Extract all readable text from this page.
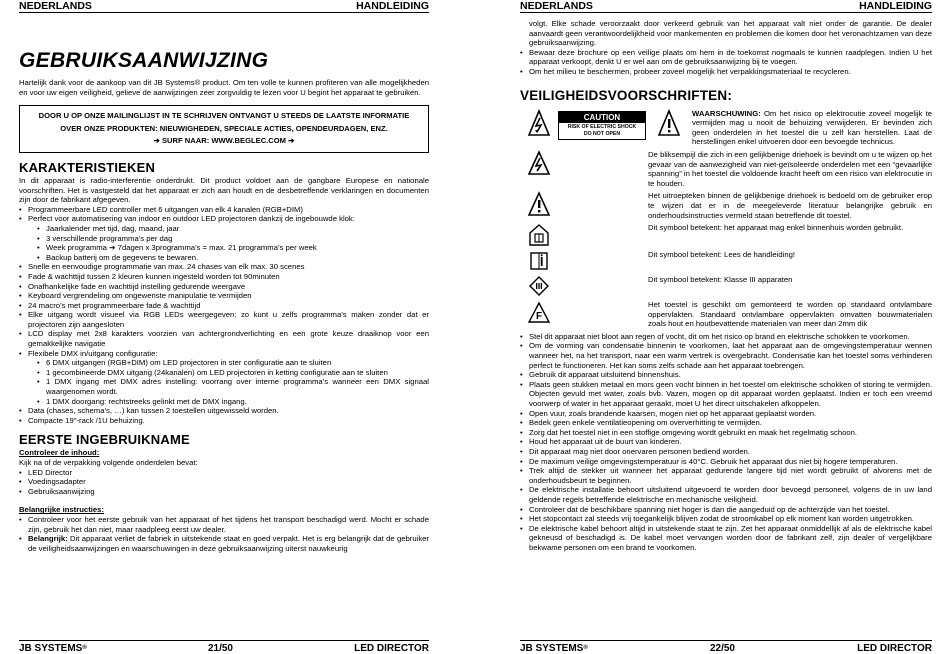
NEDERLANDS	HANDLEIDING
GEBRUIKSAANWIJZING

Hartelijk dank voor de aankoop van dit JB Systems® product. Om ten volle te kunnen profiteren van alle mogelijkheden en voor uw eigen veiligheid, gelieve de aanwijzingen zeer zorgvuldig te lezen voor U begint het apparaat te gebruiken.

DOOR U OP ONZE MAILINGLIJST IN TE SCHRIJVEN ONTVANGT U STEEDS DE LAATSTE INFORMATIE OVER ONZE PRODUKTEN: NIEUWIGHEDEN, SPECIALE ACTIES, OPENDEURDAGEN, ENZ.
➔ SURF NAAR: WWW.BEGLEC.COM ➔
KARAKTERISTIEKEN

In dit apparaat is radio-interferentie onderdrukt. Dit product voldoet aan de gangbare Europese en nationale voorschriften. Het is vastgesteld dat het apparaat er zich aan houdt en de desbetreffende verklaringen en documenten zijn door de fabrikant afgegeven.

• Programmeerbare LED controller met 6 uitgangen van elk 4 kanalen (RGB+DIM)
• Perfect voor automatisering van indoor en outdoor LED projectoren dankzij de ingebouwde klok:
• Jaarkalender met tijd, dag, maand, jaar
• 3 verschillende programma’s per dag
• Week programma ➔ 7dagen x 3programma’s = max. 21 programma’s per week
• Backup batterij om de gegevens te bewaren.
• Snelle en eenvoudige programmatie van max. 24 chases van elk max. 30 scenes
• Fade & wachttijd tussen 2 kleuren kunnen ingesteld worden tot 90minuten
• Onafhankelijke fade en wachttijd instelling gedurende weergave
• Keyboard vergrendeling om ongewenste manipulatie te vermijden
• 24 macro’s met programmeerbare fade & wachttijd
• Elke uitgang wordt visueel via RGB LEDs weergegeven: zo kunt u zelfs programma’s maken zonder dat er projectoren zijn aangesloten
• LCD display met 2x8 karakters voorzien van achtergrondverlichting en een grote keuze draaiknop voor een gemakkelijke navigatie
• Flexibele DMX in/uitgang configuratie:
• 6 DMX uitgangen (RGB+DIM) om LED projectoren in ster configuratie aan te sluiten
• 1 gecombineerde DMX uitgang (24kanalen) om LED projectoren in ketting configuratie aan te sluiten
• 1 DMX ingang met DMX adres instelling: voorrang over interne programma’s wanneer een DMX signaal waargenomen wordt.
• 1 DMX doorgang: rechtstreeks gelinkt met de DMX ingang.
• Data (chases, schema’s, …) kan tussen 2 toestellen uitgewisseld worden.
• Compacte 19"-rack /1U behuizing.
EERSTE INGEBRUIKNAME

Controleer de inhoud:

Kijk na of de verpakking volgende onderdelen bevat:

• LED Director
• Voedingsadapter
• Gebruiksaanwijzing

Belangrijke instructies:

• Controleer voor het eerste gebruik van het apparaat of het tijdens het transport beschadigd werd. Mocht er schade zijn, gebruik het dan niet, maar raadpleeg eerst uw dealer.
• Belangrijk: Dit apparaat verliet de fabriek in uitstekende staat en goed verpakt. Het is erg belangrijk dat de gebruiker de veiligheidsaanwijzingen en waarschuwingen in deze gebruiksaanwijzing uiterst nauwkeurig
JB SYSTEMS®	21/50	LED DIRECTOR
NEDERLANDS	HANDLEIDING

volgt. Elke schade veroorzaakt door verkeerd gebruik van het apparaat valt niet onder de garantie. De dealer aanvaardt geen verantwoordelijkheid voor mankementen en problemen die komen door het veronachtzamen van deze gebruiksaanwijzing.

• Bewaar deze brochure op een veilige plaats om hem in de toekomst nogmaals te kunnen raadplegen. Indien U het apparaat verkoopt, denkt U er wel aan om de gebruiksaanwijzing bij te voegen.
• Om het milieu te beschermen, probeer zoveel mogelijk het verpakkingsmateriaal te recycleren.
VEILIGHEIDSVOORSCHRIFTEN:
CAUTION
RISK OF ELECTRIC SHOCK
DO NOT OPEN
WAARSCHUWING: Om het risico op elektrocutie zoveel mogelijk te vermijden mag u nooit de behuizing verwijderen. Er bevinden zich geen onderdelen in het toestel die u zelf kan herstellen. Laat de herstellingen enkel uitvoeren door een bevoegde technicus.
De bliksempijl die zich in een gelijkbenige driehoek is bevindt om u te wijzen op het gevaar van de aanwezigheid van niet-geïsoleerde onderdelen met een “gevaarlijke spanning” in het toestel die voldoende kracht heeft om een risico van elektrocutie in te houden.
Het uitroepteken binnen de gelijkbenige driehoek is bedoeld om de gebruiker erop te wijzen dat er in de meegeleverde literatuur belangrijke gebruik en onderhoudsinstructies vermeld staan betreffende dit toestel.
Dit symbool betekent: het apparaat mag enkel binnenhuis worden gebruikt.
Dit symbool betekent: Lees de handleiding!
Dit symbool betekent: Klasse III apparaten
F
Het toestel is geschikt om gemonteerd te worden op standaard ontvlambare oppervlakten. Standaard ontvlambare oppervlakten omvatten bouwmaterialen zoals hout en houtbevattende materialen van meer dan 2mm dik
• Stel dit apparaat niet bloot aan regen of vocht, dit om het risico op brand en elektrische schokken te voorkomen.
• Om de vorming van condensatie binnenin te voorkomen, laat het apparaat aan de omgevingstemperatuur wennen wanneer het, na het transport, naar een warm vertrek is overgebracht. Condensatie kan het toestel soms verhinderen perfect te functioneren. Het kan soms zelfs schade aan het apparaat toebrengen.
• Gebruik dit apparaat uitsluitend binnenshuis.
• Plaats geen stukken metaal en mors geen vocht binnen in het toestel om elektrische schokken of storing te vermijden. Objecten gevuld met water, zoals bvb. Vazen, mogen op dit apparaat worden geplaatst. Indien er toch een vreemd voorwerp of water in het apparaat geraakt, moet U het direct uitschakelen afkoppelen.
• Open vuur, zoals brandende kaarsen, mogen niet op het apparaat geplaatst worden.
• Bedek geen enkele ventilatieopening om oververhitting te vermijden.
• Zorg dat het toestel niet in een stoffige omgeving wordt gebruikt en maak het regelmatig schoon.
• Houd het apparaat uit de buurt van kinderen.
• Dit apparaat mag niet door onervaren personen bediend worden.
• De maximum veilige omgevingstemperatuur is 40°C. Gebruik het apparaat dus niet bij hogere temperaturen.
• Trek altijd de stekker uit wanneer het apparaat gedurende langere tijd niet wordt gebruikt of alvorens met de onderhoudsbeurt te beginnen.
• De elektrische installatie behoort uitsluitend uitgevoerd te worden door bevoegd personeel, volgens de in uw land geldende regels betreffende elektrische en mechanische veiligheid.
• Controleer dat de beschikbare spanning niet hoger is dan die aangeduid op de achterzijde van het toestel.
• Het stopcontact zal steeds vrij toegankelijk blijven zodat de stroomkabel op elk moment kan worden uitgetrokken.
• De elektrische kabel behoort altijd in uitstekende staat te zijn. Zet het apparaat onmiddellijk af als de elektrische kabel gekneusd of beschadigd is. De kabel moet vervangen worden door de fabrikant zelf, zijn dealer of vergelijkbare bekwame personen om een brand te voorkomen.
JB SYSTEMS®	22/50	LED DIRECTOR
